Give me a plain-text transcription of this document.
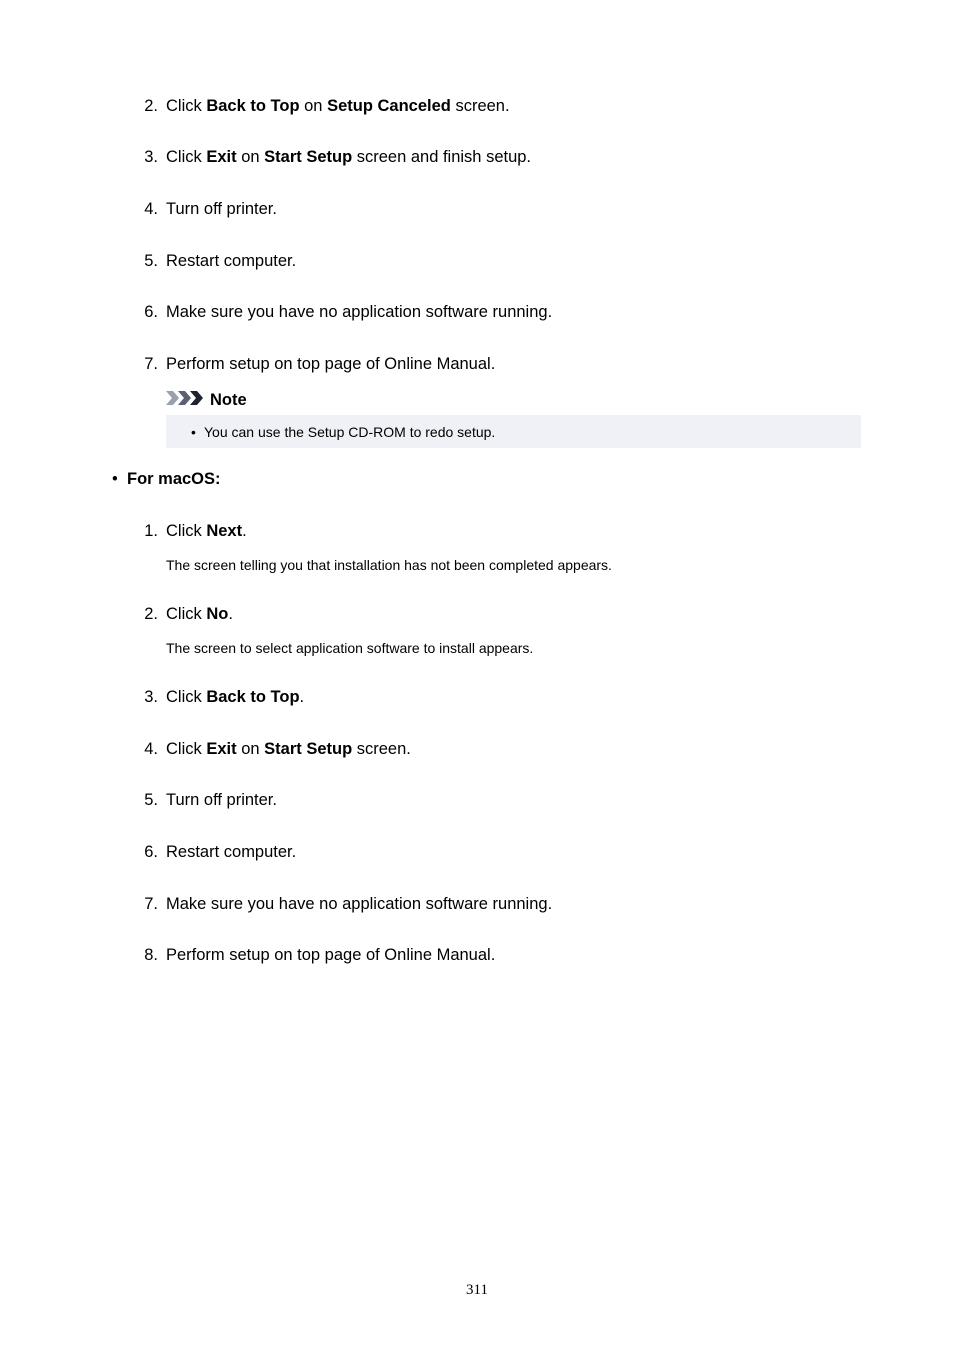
2. Click Back to Top on Setup Canceled screen.
3. Click Exit on Start Setup screen and finish setup.
4. Turn off printer.
5. Restart computer.
6. Make sure you have no application software running.
7. Perform setup on top page of Online Manual.
Note
• You can use the Setup CD-ROM to redo setup.
• For macOS:
1. Click Next.
The screen telling you that installation has not been completed appears.
2. Click No.
The screen to select application software to install appears.
3. Click Back to Top.
4. Click Exit on Start Setup screen.
5. Turn off printer.
6. Restart computer.
7. Make sure you have no application software running.
8. Perform setup on top page of Online Manual.
311
